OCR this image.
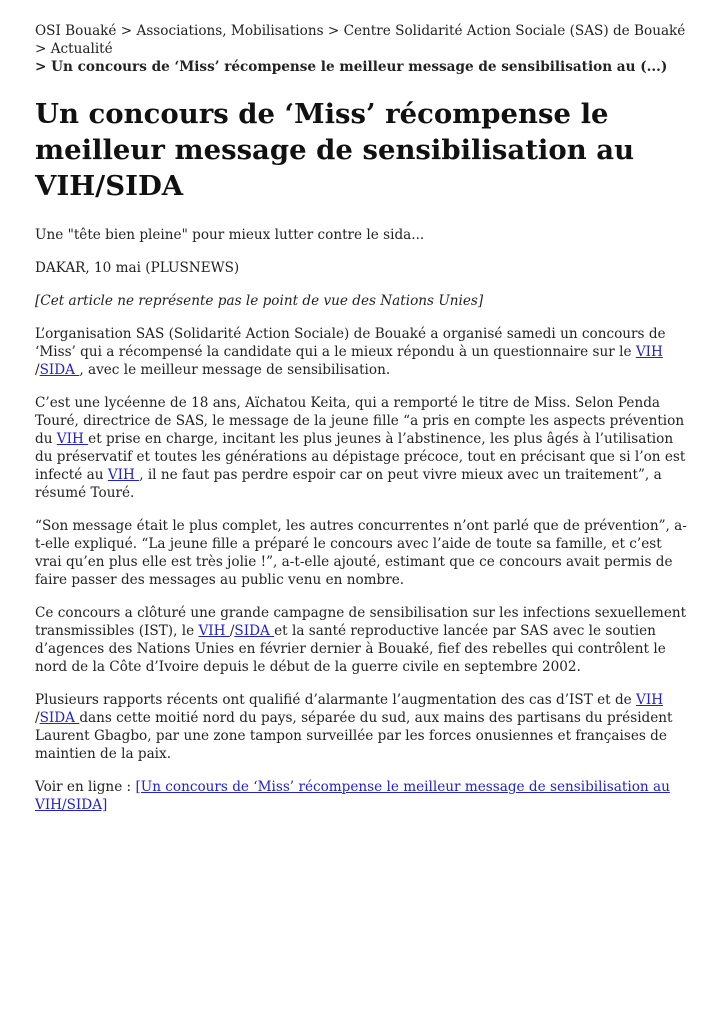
OSI Bouaké > Associations, Mobilisations > Centre Solidarité Action Sociale (SAS) de Bouaké > Actualité
> Un concours de ‘Miss’ récompense le meilleur message de sensibilisation au (...)
Un concours de ‘Miss’ récompense le meilleur message de sensibilisation au VIH/SIDA

Une "tête bien pleine" pour mieux lutter contre le sida...

DAKAR, 10 mai (PLUSNEWS)

[Cet article ne représente pas le point de vue des Nations Unies]

L’organisation SAS (Solidarité Action Sociale) de Bouaké a organisé samedi un concours de ‘Miss’ qui a récompensé la candidate qui a le mieux répondu à un questionnaire sur le VIH /SIDA , avec le meilleur message de sensibilisation.

C’est une lycéenne de 18 ans, Aïchatou Keita, qui a remporté le titre de Miss. Selon Penda Touré, directrice de SAS, le message de la jeune fille “a pris en compte les aspects prévention du VIH et prise en charge, incitant les plus jeunes à l’abstinence, les plus âgés à l’utilisation du préservatif et toutes les générations au dépistage précoce, tout en précisant que si l’on est infecté au VIH , il ne faut pas perdre espoir car on peut vivre mieux avec un traitement”, a résumé Touré.

“Son message était le plus complet, les autres concurrentes n’ont parlé que de prévention”, a-t-elle expliqué. “La jeune fille a préparé le concours avec l’aide de toute sa famille, et c’est vrai qu’en plus elle est très jolie !”, a-t-elle ajouté, estimant que ce concours avait permis de faire passer des messages au public venu en nombre.

Ce concours a clôturé une grande campagne de sensibilisation sur les infections sexuellement transmissibles (IST), le VIH /SIDA et la santé reproductive lancée par SAS avec le soutien d’agences des Nations Unies en février dernier à Bouaké, fief des rebelles qui contrôlent le nord de la Côte d’Ivoire depuis le début de la guerre civile en septembre 2002.

Plusieurs rapports récents ont qualifié d’alarmante l’augmentation des cas d’IST et de VIH /SIDA dans cette moitié nord du pays, séparée du sud, aux mains des partisans du président Laurent Gbagbo, par une zone tampon surveillée par les forces onusiennes et françaises de maintien de la paix.

Voir en ligne : [Un concours de ‘Miss’ récompense le meilleur message de sensibilisation au VIH/SIDA]
